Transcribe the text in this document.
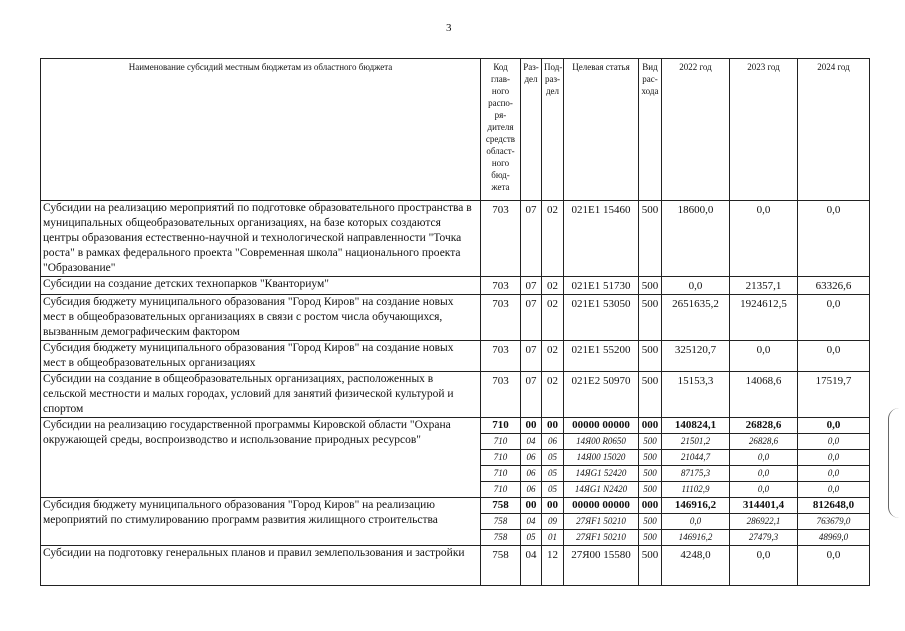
3
Наименование субсидий местным бюджетам из областного бюджета	Код глав-ного распо-ря-дителя средств област-ного бюд-жета	Раз-дел	Под-раз-дел	Целевая статья	Вид рас-хода	2022 год	2023 год	2024 год
Субсидии на реализацию мероприятий по подготовке образовательного пространства в муниципальных общеобразовательных организациях, на базе которых создаются центры образования естественно-научной и технологической направленности "Точка роста" в рамках федерального проекта "Современная школа" национального проекта "Образование"	703	07	02	021E1 15460	500	18600,0	0,0	0,0
Субсидии на создание детских технопарков "Кванториум"	703	07	02	021E1 51730	500	0,0	21357,1	63326,6
Субсидия бюджету муниципального образования "Город Киров" на создание новых мест в общеобразовательных организациях в связи с ростом числа обучающихся, вызванным демографическим фактором	703	07	02	021E1 53050	500	2651635,2	1924612,5	0,0
Субсидия бюджету муниципального образования "Город Киров" на создание новых мест в общеобразовательных организациях	703	07	02	021E1 55200	500	325120,7	0,0	0,0
Субсидии на создание в общеобразовательных организациях, расположенных в сельской местности и малых городах, условий для занятий физической культурой и спортом	703	07	02	021E2 50970	500	15153,3	14068,6	17519,7
Субсидии на реализацию государственной программы Кировской области "Охрана окружающей среды, воспроизводство и использование природных ресурсов"	710	00	00	00000 00000	000	140824,1	26828,6	0,0
	710	04	06	14Я00 R0650	500	21501,2	26828,6	0,0
	710	06	05	14Я00 15020	500	21044,7	0,0	0,0
	710	06	05	14ЯG1 52420	500	87175,3	0,0	0,0
	710	06	05	14ЯG1 N2420	500	11102,9	0,0	0,0
Субсидия бюджету муниципального образования "Город Киров" на реализацию мероприятий по стимулированию программ развития жилищного строительства	758	00	00	00000 00000	000	146916,2	314401,4	812648,0
	758	04	09	27ЯF1 50210	500	0,0	286922,1	763679,0
	758	05	01	27ЯF1 50210	500	146916,2	27479,3	48969,0
Субсидии на подготовку генеральных планов и правил землепользования и застройки	758	04	12	27Я00 15580	500	4248,0	0,0	0,0
